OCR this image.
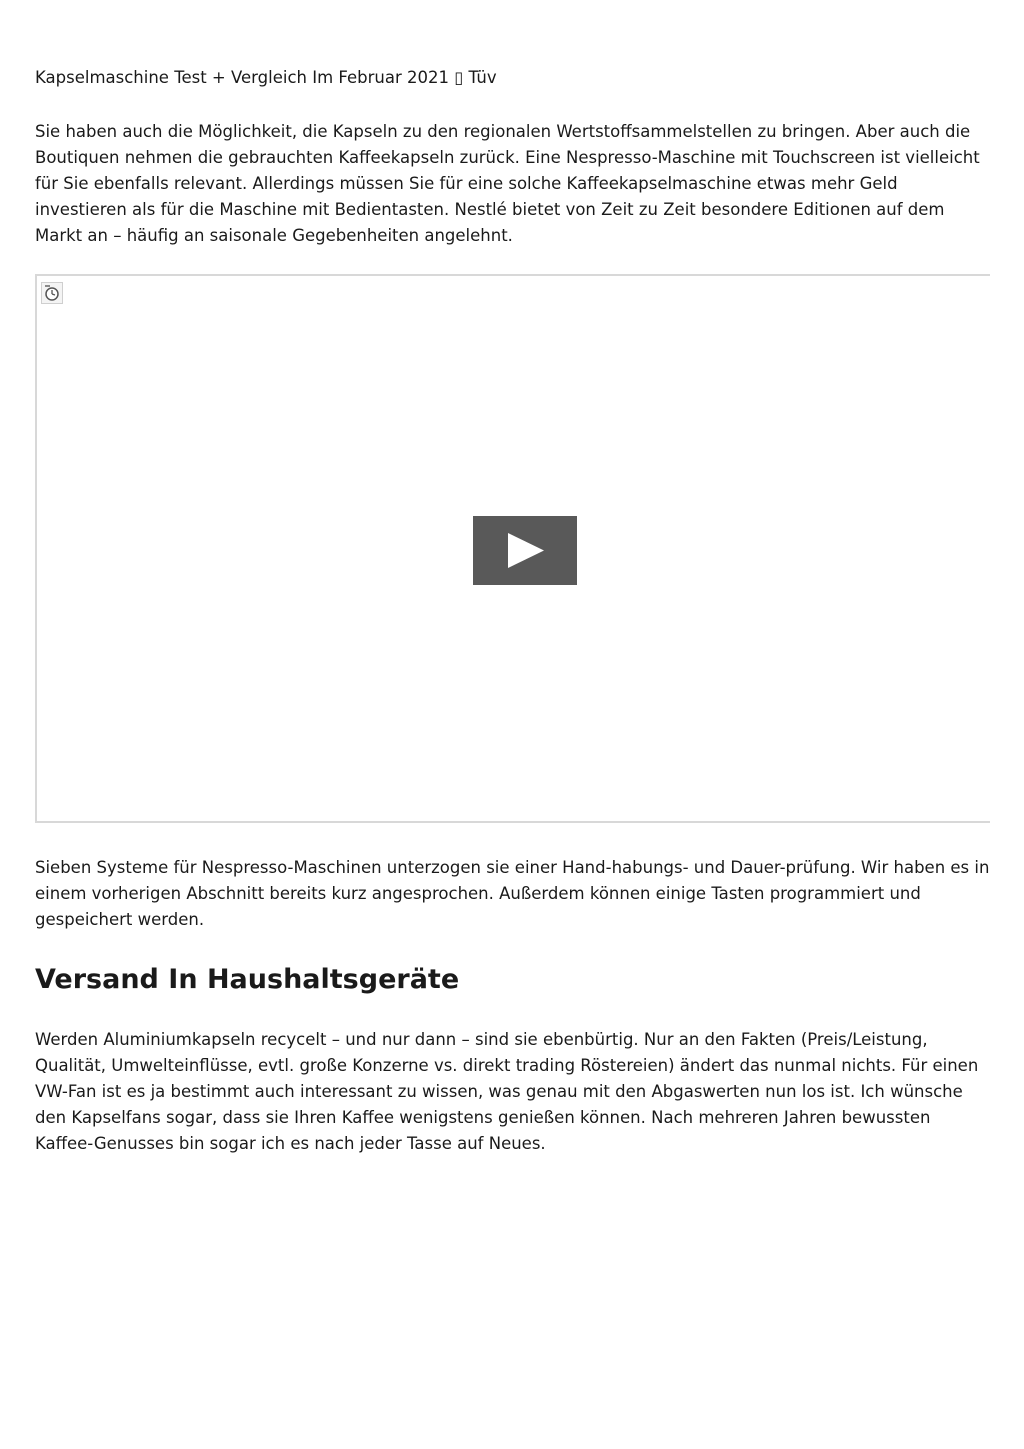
Kapselmaschine Test + Vergleich Im Februar 2021 ▯ Tüv

Sie haben auch die Möglichkeit, die Kapseln zu den regionalen Wertstoffsammelstellen zu bringen. Aber auch die Boutiquen nehmen die gebrauchten Kaffeekapseln zurück. Eine Nespresso-Maschine mit Touchscreen ist vielleicht für Sie ebenfalls relevant. Allerdings müssen Sie für eine solche Kaffeekapselmaschine etwas mehr Geld investieren als für die Maschine mit Bedientasten. Nestlé bietet von Zeit zu Zeit besondere Editionen auf dem Markt an – häufig an saisonale Gegebenheiten angelehnt.

Sieben Systeme für Nespresso-Maschinen unterzogen sie einer Hand-habungs- und Dauer-prüfung. Wir haben es in einem vorherigen Abschnitt bereits kurz angesprochen. Außerdem können einige Tasten programmiert und gespeichert werden.

Versand In Haushaltsgeräte

Werden Aluminiumkapseln recycelt – und nur dann – sind sie ebenbürtig. Nur an den Fakten (Preis/Leistung, Qualität, Umwelteinflüsse, evtl. große Konzerne vs. direkt trading Röstereien) ändert das nunmal nichts. Für einen VW-Fan ist es ja bestimmt auch interessant zu wissen, was genau mit den Abgaswerten nun los ist. Ich wünsche den Kapselfans sogar, dass sie Ihren Kaffee wenigstens genießen können. Nach mehreren Jahren bewussten Kaffee-Genusses bin sogar ich es nach jeder Tasse auf Neues.
